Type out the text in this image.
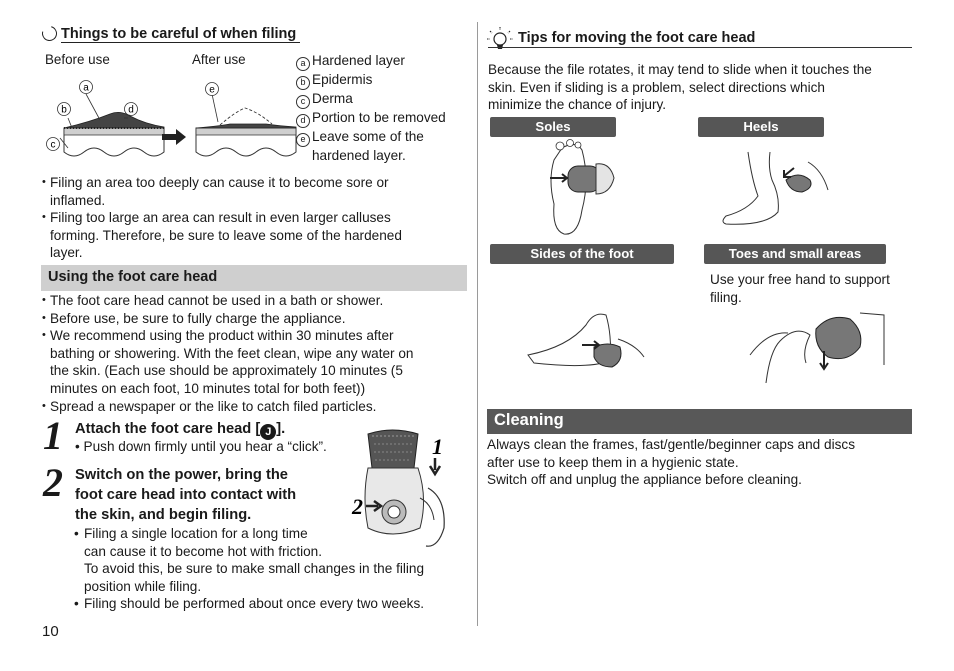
Things to be careful of when filing
Before use	After use
a
b	d
c
e
a Hardened layer
b Epidermis
c Derma
d Portion to be removed
e Leave some of the
hardened layer.
• Filing an area too deeply can cause it to become sore or
inflamed.
• Filing too large an area can result in even larger calluses
forming. Therefore, be sure to leave some of the hardened
layer.
Using the foot care head
• The foot care head cannot be used in a bath or shower.
• Before use, be sure to fully charge the appliance.
• We recommend using the product within 30 minutes after
bathing or showering. With the feet clean, wipe any water on
the skin. (Each use should be approximately 10 minutes (5
minutes on each foot, 10 minutes total for both feet))
• Spread a newspaper or the like to catch filed particles.
1 Attach the foot care head [ J ].
• Push down firmly until you hear a “click”.
2 Switch on the power, bring the
foot care head into contact with
the skin, and begin filing.
• Filing a single location for a long time
can cause it to become hot with friction.
To avoid this, be sure to make small changes in the filing
position while filing.
• Filing should be performed about once every two weeks.
1
2
10
Tips for moving the foot care head
Because the file rotates, it may tend to slide when it touches the
skin. Even if sliding is a problem, select directions which
minimize the chance of injury.
Soles	Heels
Sides of the foot	Toes and small areas
Use your free hand to support
filing.
Cleaning
Always clean the frames, fast/gentle/beginner caps and discs
after use to keep them in a hygienic state.
Switch off and unplug the appliance before cleaning.
